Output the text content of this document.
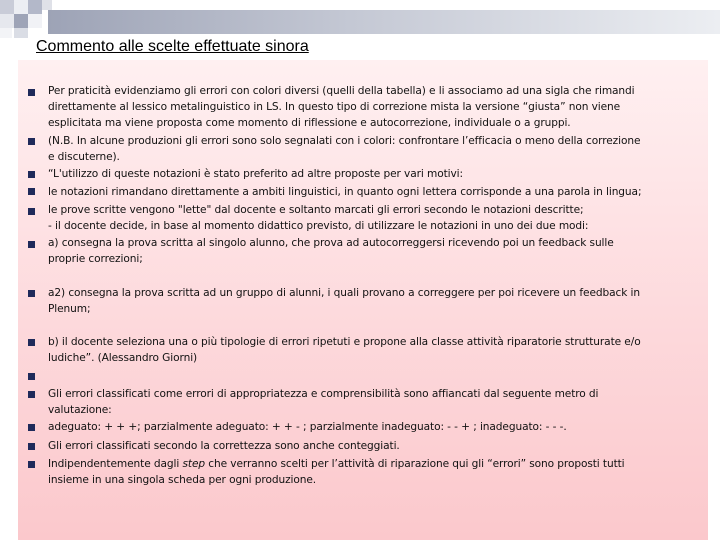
Commento alle scelte effettuate sinora
Per praticità evidenziamo gli errori con colori diversi (quelli della tabella) e li associamo ad una sigla che rimandi
direttamente al lessico metalinguistico in LS. In questo tipo di correzione mista la versione “giusta” non viene
esplicitata ma viene proposta come momento di riflessione e autocorrezione, individuale o a gruppi.
(N.B. In alcune produzioni gli errori sono solo segnalati con i colori: confrontare l’efficacia o meno della correzione
e discuterne).
“L'utilizzo di queste notazioni è stato preferito ad altre proposte per vari motivi:
le notazioni rimandano direttamente a ambiti linguistici, in quanto ogni lettera corrisponde a una parola in lingua;
le prove scritte vengono "lette" dal docente e soltanto marcati gli errori secondo le notazioni descritte;
- il docente decide, in base al momento didattico previsto, di utilizzare le notazioni in uno dei due modi:
a) consegna la prova scritta al singolo alunno, che prova ad autocorreggersi ricevendo poi un feedback sulle
proprie correzioni;
a2) consegna la prova scritta ad un gruppo di alunni, i quali provano a correggere per poi ricevere un feedback in
Plenum;
b) il docente seleziona una o più tipologie di errori ripetuti e propone alla classe attività riparatorie strutturate e/o
ludiche”. (Alessandro Giorni)
Gli errori classificati come errori di appropriatezza e comprensibilità sono affiancati dal seguente metro di
valutazione:
adeguato: + + +; parzialmente adeguato: + + - ; parzialmente inadeguato: - - + ; inadeguato: - - -.
Gli errori classificati secondo la correttezza sono anche conteggiati.
Indipendentemente dagli step che verranno scelti per l’attività di riparazione qui gli “errori” sono proposti tutti
insieme in una singola scheda per ogni produzione.
